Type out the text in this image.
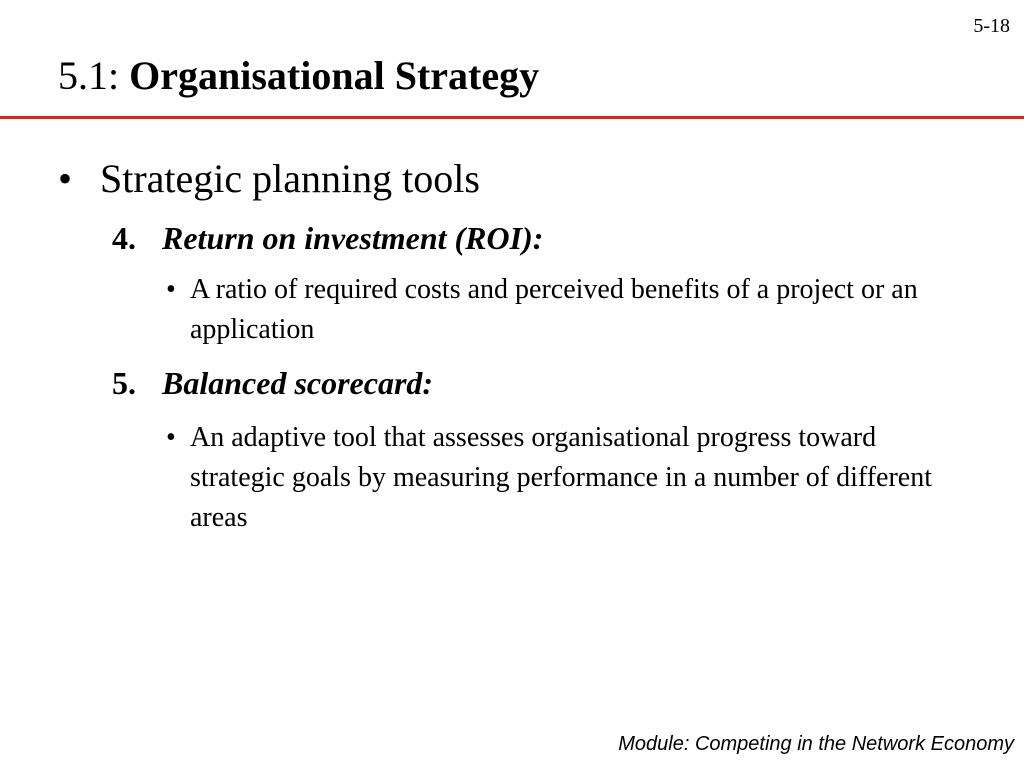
5-18
5.1: Organisational Strategy
• Strategic planning tools
4. Return on investment (ROI):
• A ratio of required costs and perceived benefits of a project or an application
5. Balanced scorecard:
• An adaptive tool that assesses organisational progress toward strategic goals by measuring performance in a number of different areas
Module: Competing in the Network Economy
